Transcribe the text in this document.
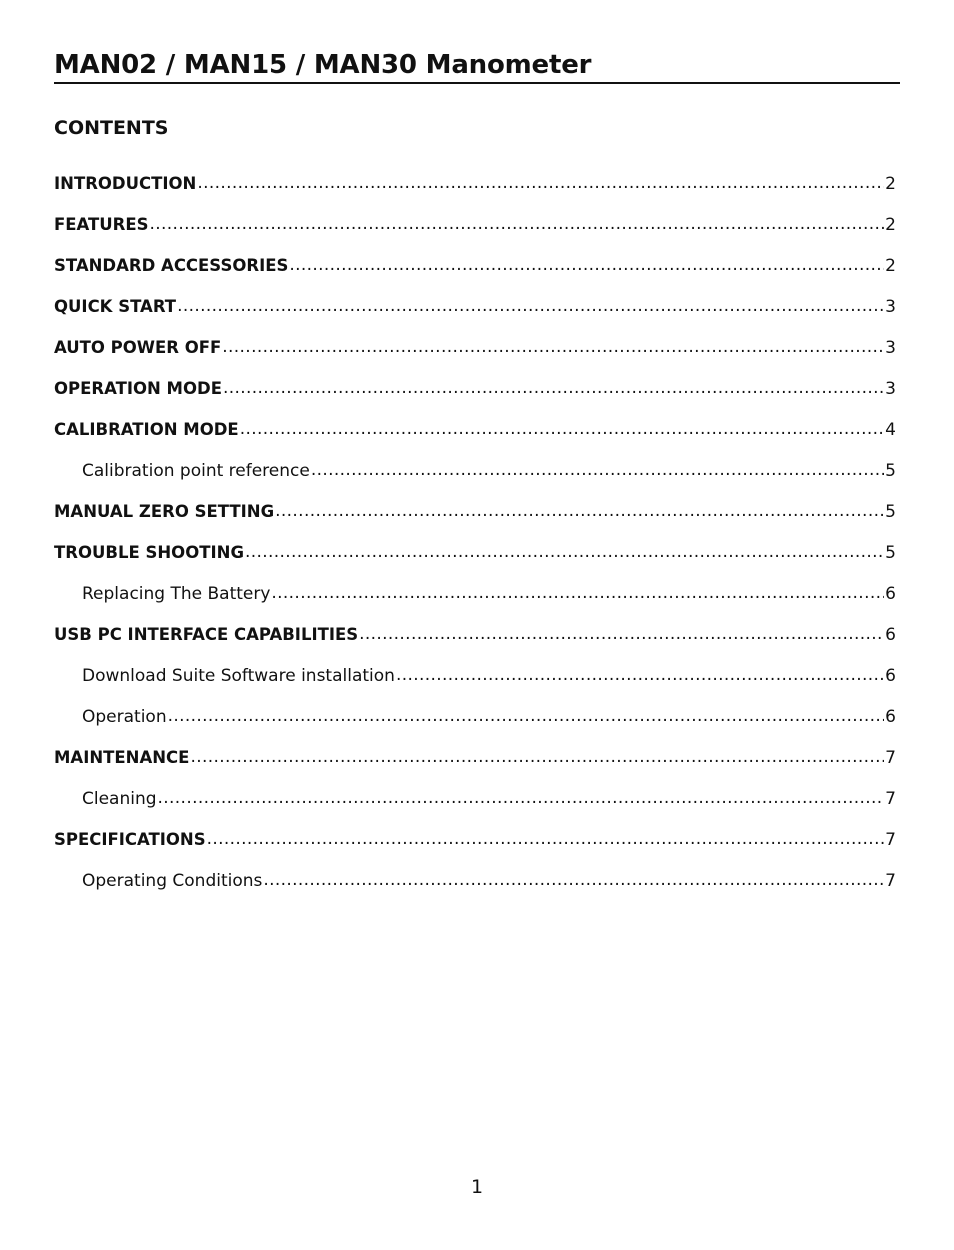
MAN02 / MAN15 / MAN30 Manometer
CONTENTS
INTRODUCTION .....	2
FEATURES .....	2
STANDARD ACCESSORIES .....	2
QUICK START .....	3
AUTO POWER OFF .....	3
OPERATION MODE .....	3
CALIBRATION MODE .....	4
Calibration point reference .....	5
MANUAL ZERO SETTING .....	5
TROUBLE SHOOTING .....	5
Replacing The Battery .....	6
USB PC INTERFACE CAPABILITIES .....	6
Download Suite Software installation .....	6
Operation .....	6
MAINTENANCE .....	7
Cleaning .....	7
SPECIFICATIONS .....	7
Operating Conditions .....	7
1
